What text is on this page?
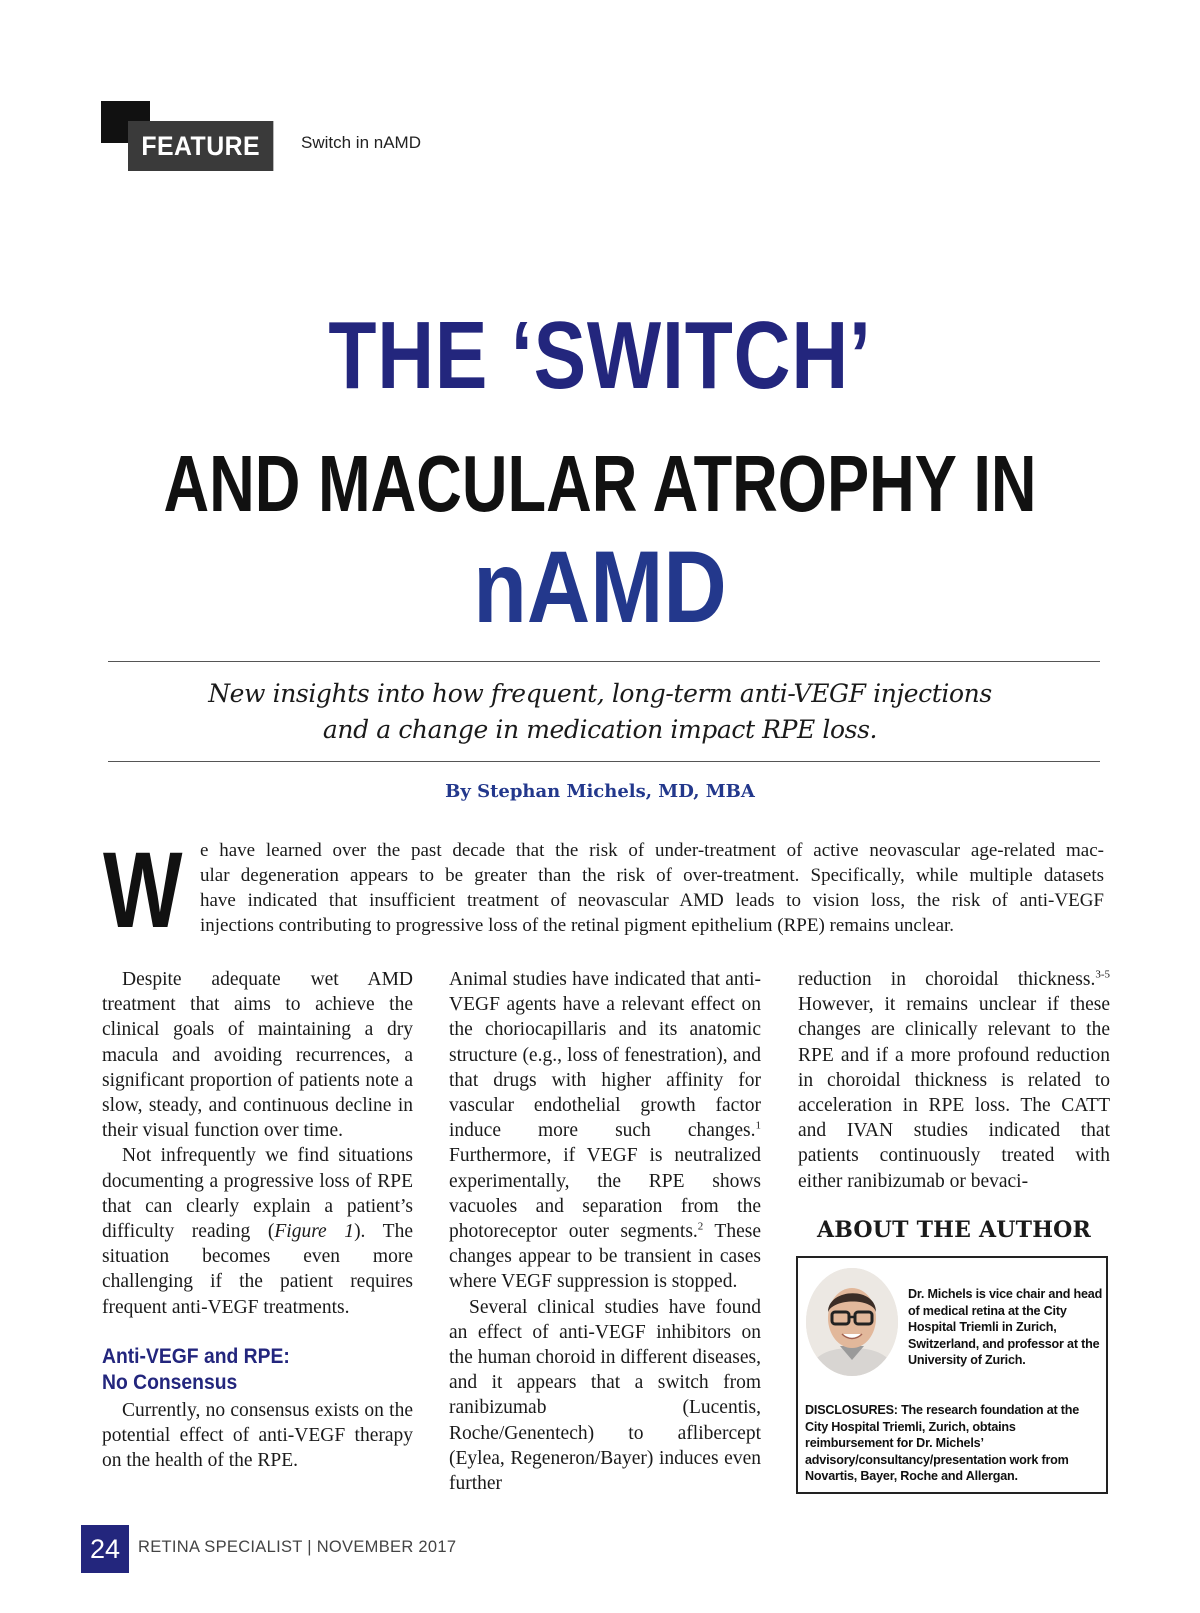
FEATURE Switch in nAMD
THE ‘SWITCH’
AND MACULAR ATROPHY IN
nAMD
New insights into how frequent, long-term anti-VEGF injections
and a change in medication impact RPE loss.
By Stephan Michels, MD, MBA
W e have learned over the past decade that the risk of under-treatment of active neovascular age-related mac-
ular degeneration appears to be greater than the risk of over-treatment. Specifically, while multiple datasets
have indicated that insufficient treatment of neovascular AMD leads to vision loss, the risk of anti-VEGF
injections contributing to progressive loss of the retinal pigment epithelium (RPE) remains unclear.

Despite adequate wet AMD treatment that aims to achieve the clinical goals of maintaining a dry macula and avoiding recurrences, a significant proportion of patients note a slow, steady, and continuous decline in their visual function over time.

Not infrequently we find situations documenting a progressive loss of RPE that can clearly explain a patient’s difficulty reading (Figure 1). The situation becomes even more challenging if the patient requires frequent anti-VEGF treatments.

Anti-VEGF and RPE:
No Consensus

Currently, no consensus exists on the potential effect of anti-VEGF therapy on the health of the RPE.

Animal studies have indicated that anti-VEGF agents have a relevant effect on the choriocapillaris and its anatomic structure (e.g., loss of fenestration), and that drugs with higher affinity for vascular endothelial growth factor induce more such changes.$^1$ Furthermore, if VEGF is neutralized experimentally, the RPE shows vacuoles and separation from the photoreceptor outer segments.$^2$ These changes appear to be transient in cases where VEGF suppression is stopped.

Several clinical studies have found an effect of anti-VEGF inhibitors on the human choroid in different diseases, and it appears that a switch from ranibizumab (Lucentis, Roche/Genentech) to aflibercept (Eylea, Regeneron/Bayer) induces even further

reduction in choroidal thickness.$^{3-5}$ However, it remains unclear if these changes are clinically relevant to the RPE and if a more profound reduction in choroidal thickness is related to acceleration in RPE loss. The CATT and IVAN studies indicated that patients continuously treated with either ranibizumab or bevaci-

ABOUT THE AUTHOR
Dr. Michels is vice chair and head of medical retina at the City Hospital Triemli in Zurich, Switzerland, and professor at the University of Zurich.
DISCLOSURES: The research foundation at the City Hospital Triemli, Zurich, obtains reimbursement for Dr. Michels’ advisory/consultancy/presentation work from Novartis, Bayer, Roche and Allergan.
24	RETINA SPECIALIST | NOVEMBER 2017
